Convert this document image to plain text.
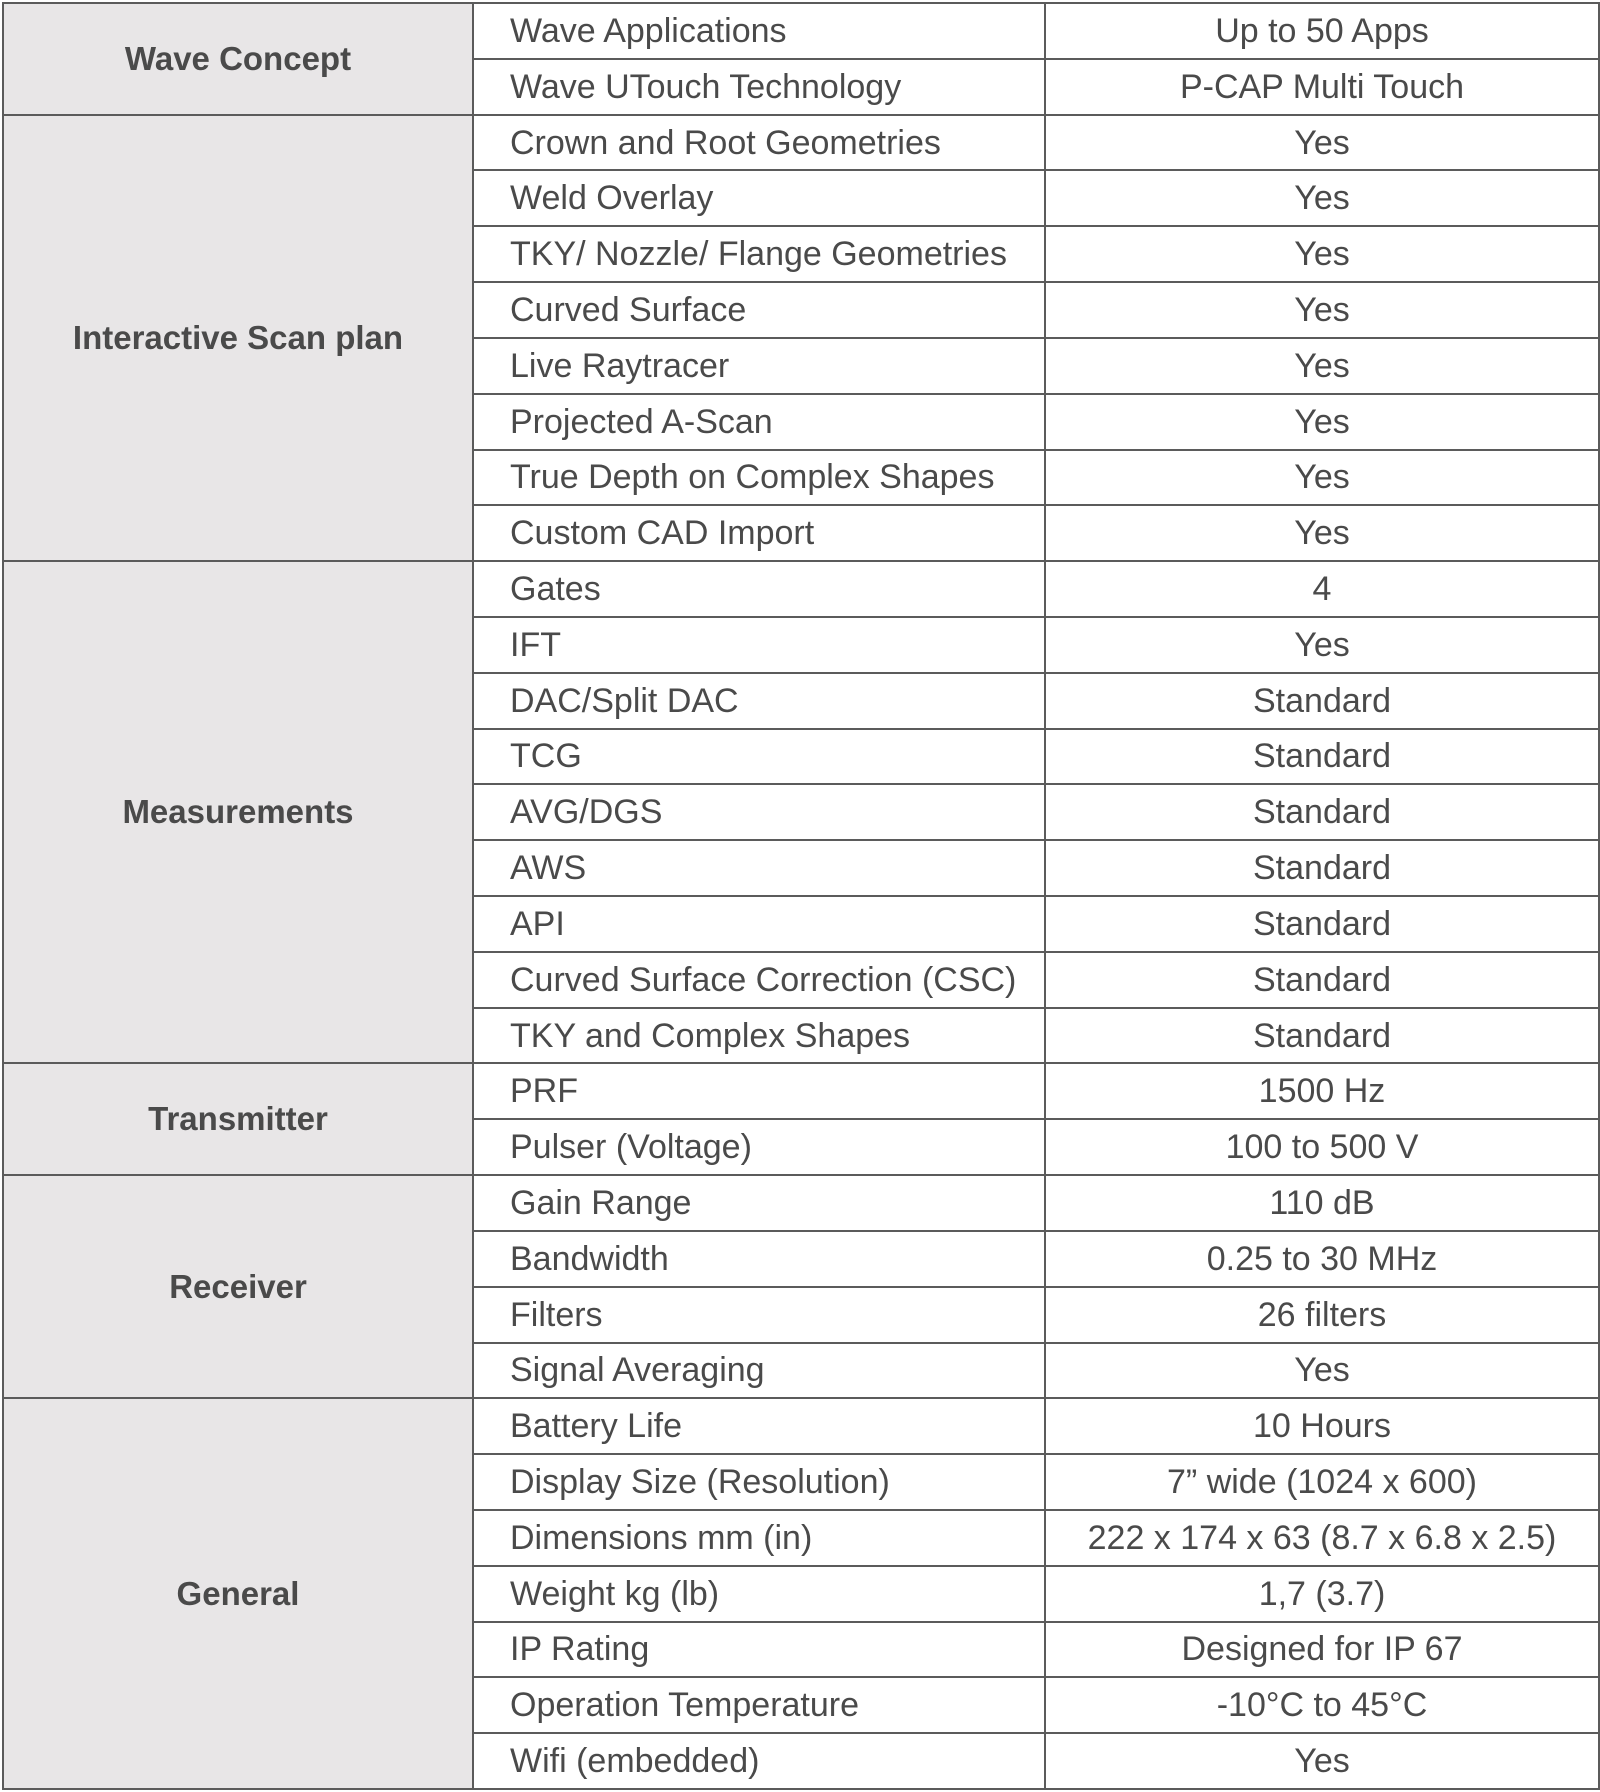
Wave Concept	Wave Applications	Up to 50 Apps
	Wave UTouch Technology	P-CAP Multi Touch
Interactive Scan plan	Crown and Root Geometries	Yes
	Weld Overlay	Yes
	TKY/ Nozzle/ Flange Geometries	Yes
	Curved Surface	Yes
	Live Raytracer	Yes
	Projected A-Scan	Yes
	True Depth on Complex Shapes	Yes
	Custom CAD Import	Yes
Measurements	Gates	4
	IFT	Yes
	DAC/Split DAC	Standard
	TCG	Standard
	AVG/DGS	Standard
	AWS	Standard
	API	Standard
	Curved Surface Correction (CSC)	Standard
	TKY and Complex Shapes	Standard
Transmitter	PRF	1500 Hz
	Pulser (Voltage)	100 to 500 V
Receiver	Gain Range	110 dB
	Bandwidth	0.25 to 30 MHz
	Filters	26 filters
	Signal Averaging	Yes
General	Battery Life	10 Hours
	Display Size (Resolution)	7” wide (1024 x 600)
	Dimensions mm (in)	222 x 174 x 63 (8.7 x 6.8 x 2.5)
	Weight kg (lb)	1,7 (3.7)
	IP Rating	Designed for IP 67
	Operation Temperature	-10°C to 45°C
	Wifi (embedded)	Yes
